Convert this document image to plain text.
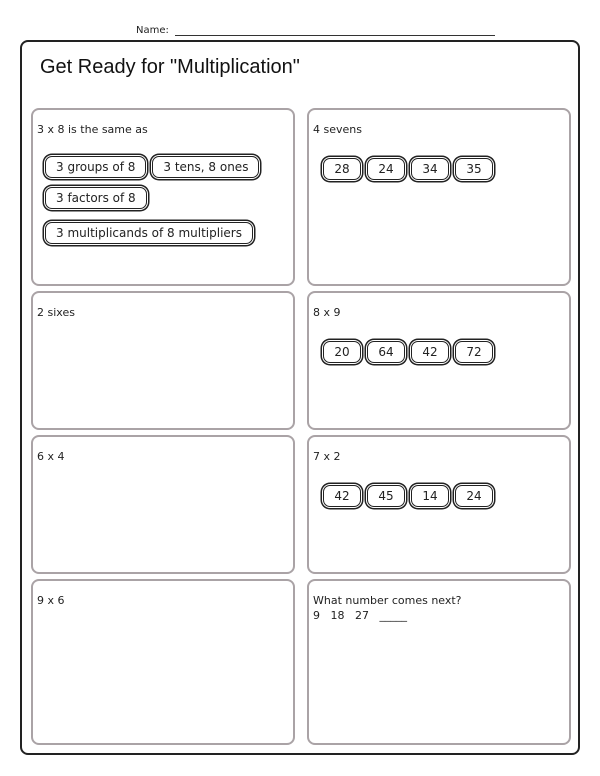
Name:
Get Ready for "Multiplication"
3 x 8 is the same as
3 groups of 8	3 tens, 8 ones
3 factors of 8
3 multiplicands of 8 multipliers
4 sevens
28	24	34	35
2 sixes	8 x 9
20	64	42	72
6 x 4	7 x 2
42	45	14	24
9 x 6	What number comes next?
9   18   27   _____
